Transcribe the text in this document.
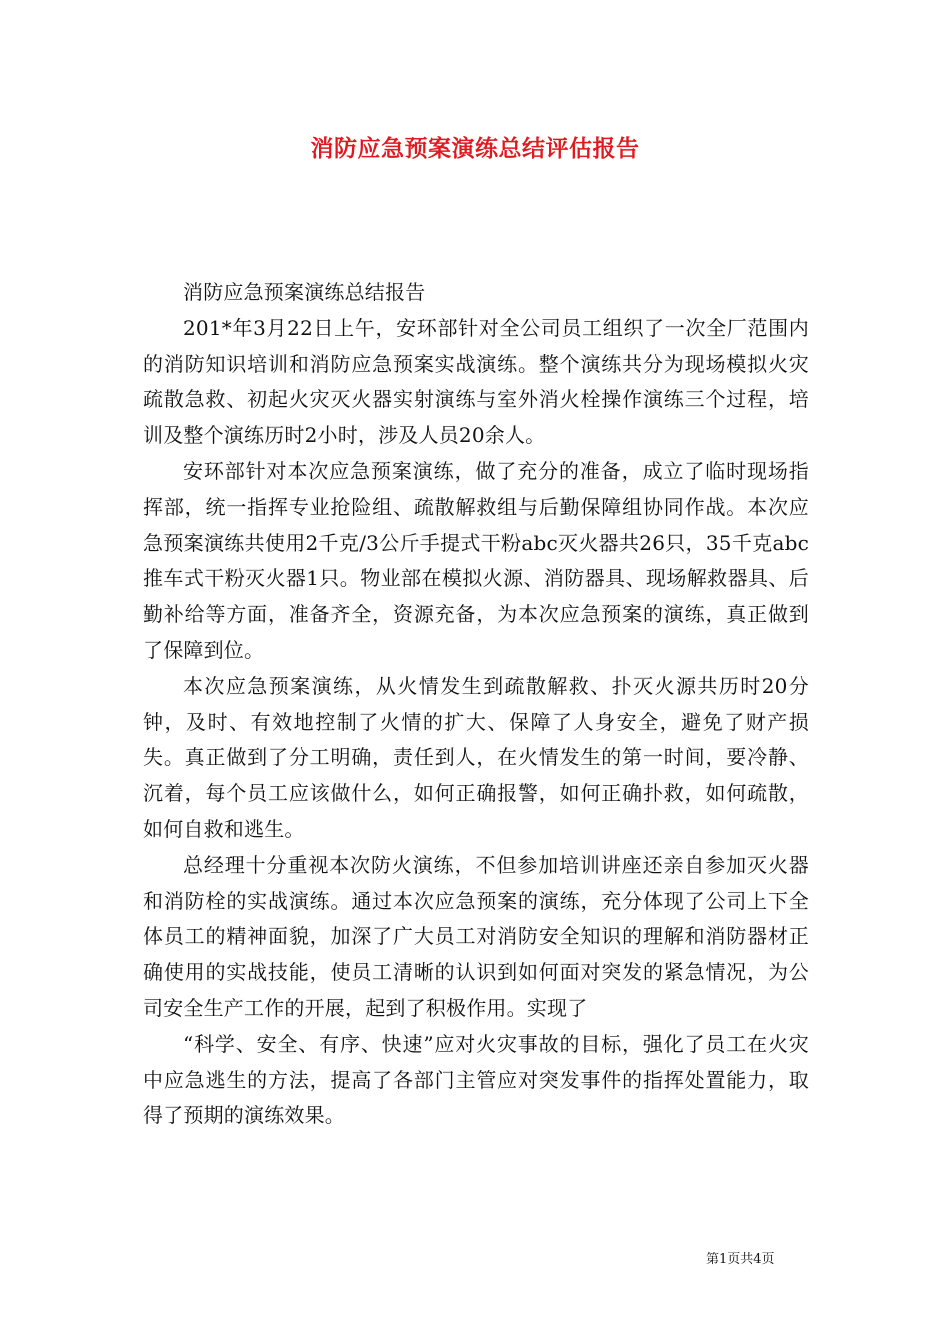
消防应急预案演练总结评估报告

消防应急预案演练总结报告

201*年3月22日上午，安环部针对全公司员工组织了一次全厂范围内的消防知识培训和消防应急预案实战演练。整个演练共分为现场模拟火灾疏散急救、初起火灾灭火器实射演练与室外消火栓操作演练三个过程，培训及整个演练历时2小时，涉及人员20余人。

安环部针对本次应急预案演练，做了充分的准备，成立了临时现场指挥部，统一指挥专业抢险组、疏散解救组与后勤保障组协同作战。本次应急预案演练共使用2千克/3公斤手提式干粉abc灭火器共26只，35千克abc推车式干粉灭火器1只。物业部在模拟火源、消防器具、现场解救器具、后勤补给等方面，准备齐全，资源充备，为本次应急预案的演练，真正做到了保障到位。

本次应急预案演练，从火情发生到疏散解救、扑灭火源共历时20分钟，及时、有效地控制了火情的扩大、保障了人身安全，避免了财产损失。真正做到了分工明确，责任到人，在火情发生的第一时间，要冷静、沉着，每个员工应该做什么，如何正确报警，如何正确扑救，如何疏散，如何自救和逃生。

总经理十分重视本次防火演练，不但参加培训讲座还亲自参加灭火器和消防栓的实战演练。通过本次应急预案的演练，充分体现了公司上下全体员工的精神面貌，加深了广大员工对消防安全知识的理解和消防器材正确使用的实战技能，使员工清晰的认识到如何面对突发的紧急情况，为公司安全生产工作的开展，起到了积极作用。实现了

“科学、安全、有序、快速”应对火灾事故的目标，强化了员工在火灾中应急逃生的方法，提高了各部门主管应对突发事件的指挥处置能力，取得了预期的演练效果。

第1页共4页
